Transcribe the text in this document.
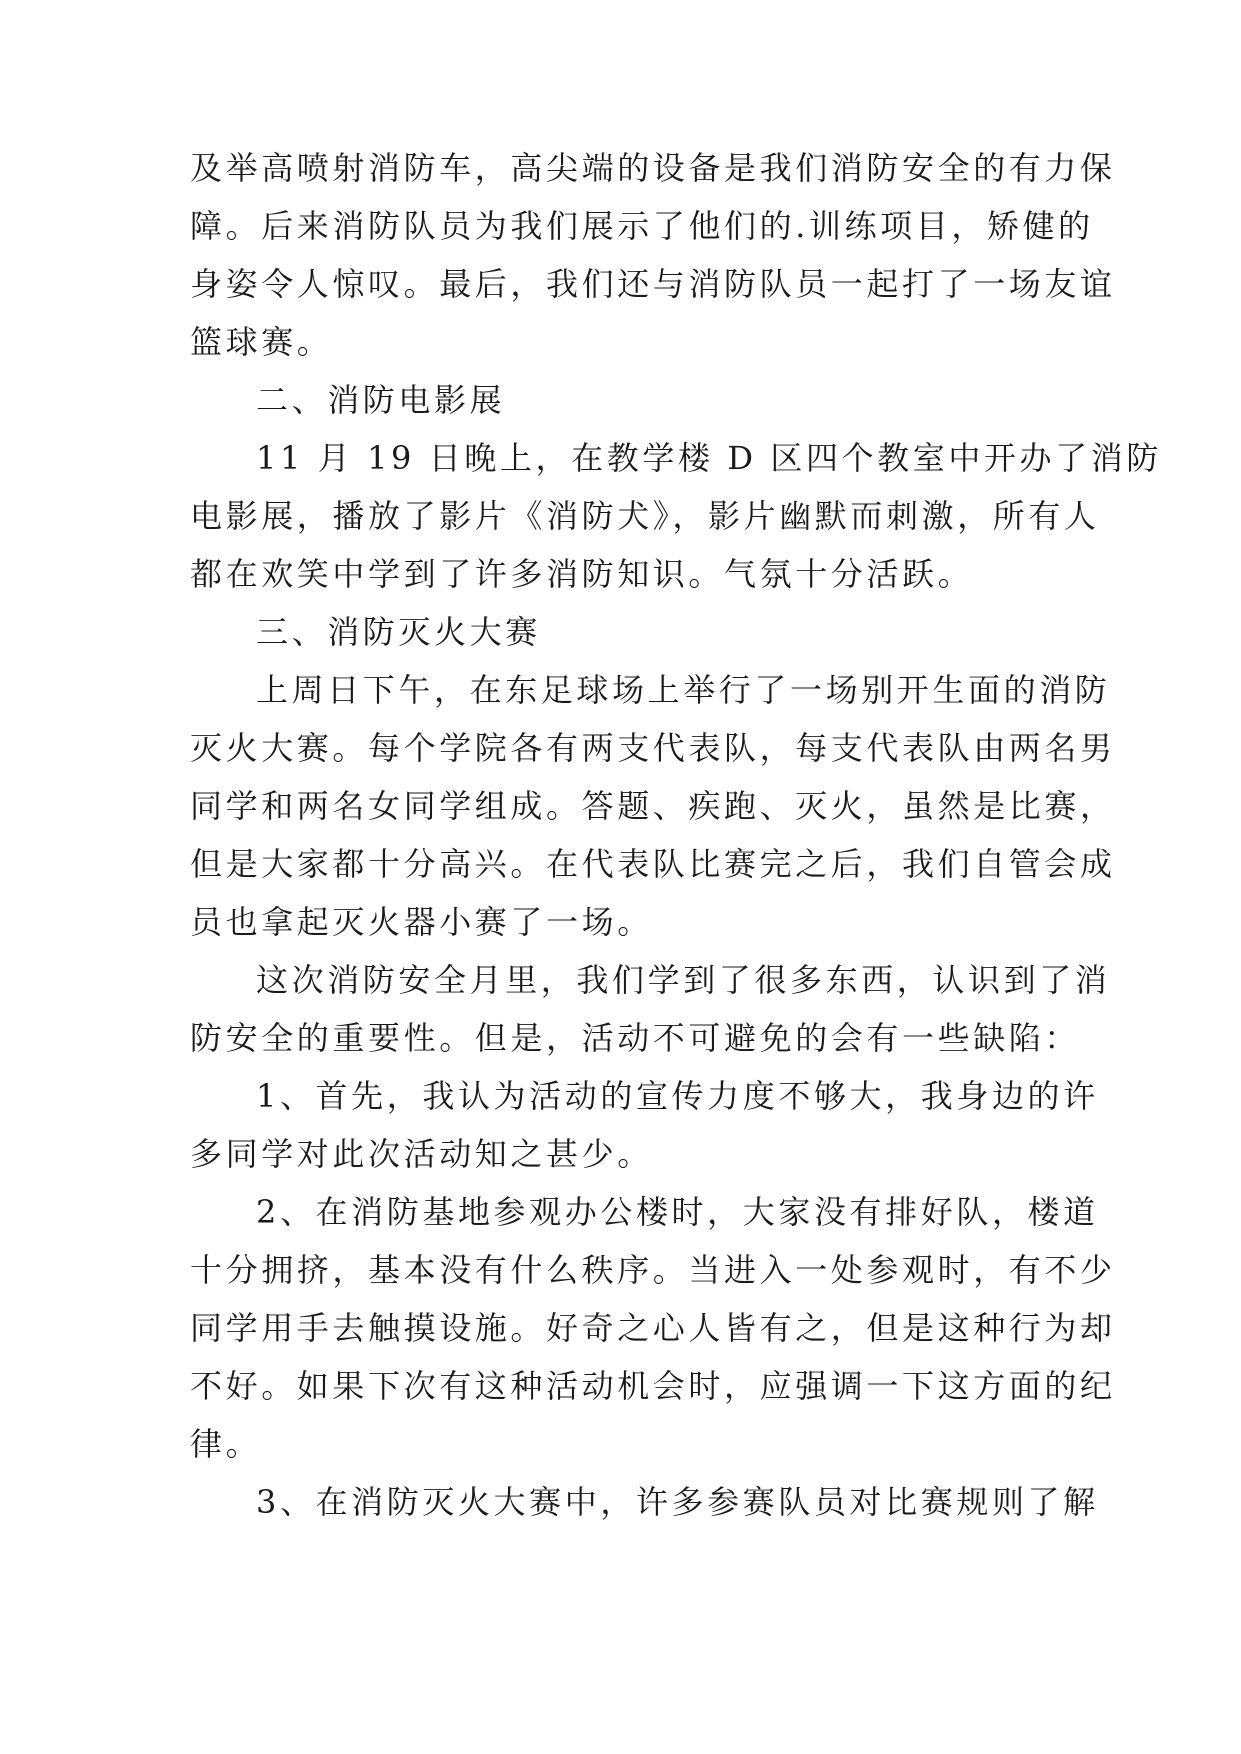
及举高喷射消防车，高尖端的设备是我们消防安全的有力保
障。后来消防队员为我们展示了他们的.训练项目，矫健的
身姿令人惊叹。最后，我们还与消防队员一起打了一场友谊
篮球赛。
二、消防电影展
11 月 19 日晚上，在教学楼 D 区四个教室中开办了消防
电影展，播放了影片《消防犬》，影片幽默而刺激，所有人
都在欢笑中学到了许多消防知识。气氛十分活跃。
三、消防灭火大赛
上周日下午，在东足球场上举行了一场别开生面的消防
灭火大赛。每个学院各有两支代表队，每支代表队由两名男
同学和两名女同学组成。答题、疾跑、灭火，虽然是比赛，
但是大家都十分高兴。在代表队比赛完之后，我们自管会成
员也拿起灭火器小赛了一场。
这次消防安全月里，我们学到了很多东西，认识到了消
防安全的重要性。但是，活动不可避免的会有一些缺陷：
1、首先，我认为活动的宣传力度不够大，我身边的许
多同学对此次活动知之甚少。
2、在消防基地参观办公楼时，大家没有排好队，楼道
十分拥挤，基本没有什么秩序。当进入一处参观时，有不少
同学用手去触摸设施。好奇之心人皆有之，但是这种行为却
不好。如果下次有这种活动机会时，应强调一下这方面的纪
律。
3、在消防灭火大赛中，许多参赛队员对比赛规则了解
